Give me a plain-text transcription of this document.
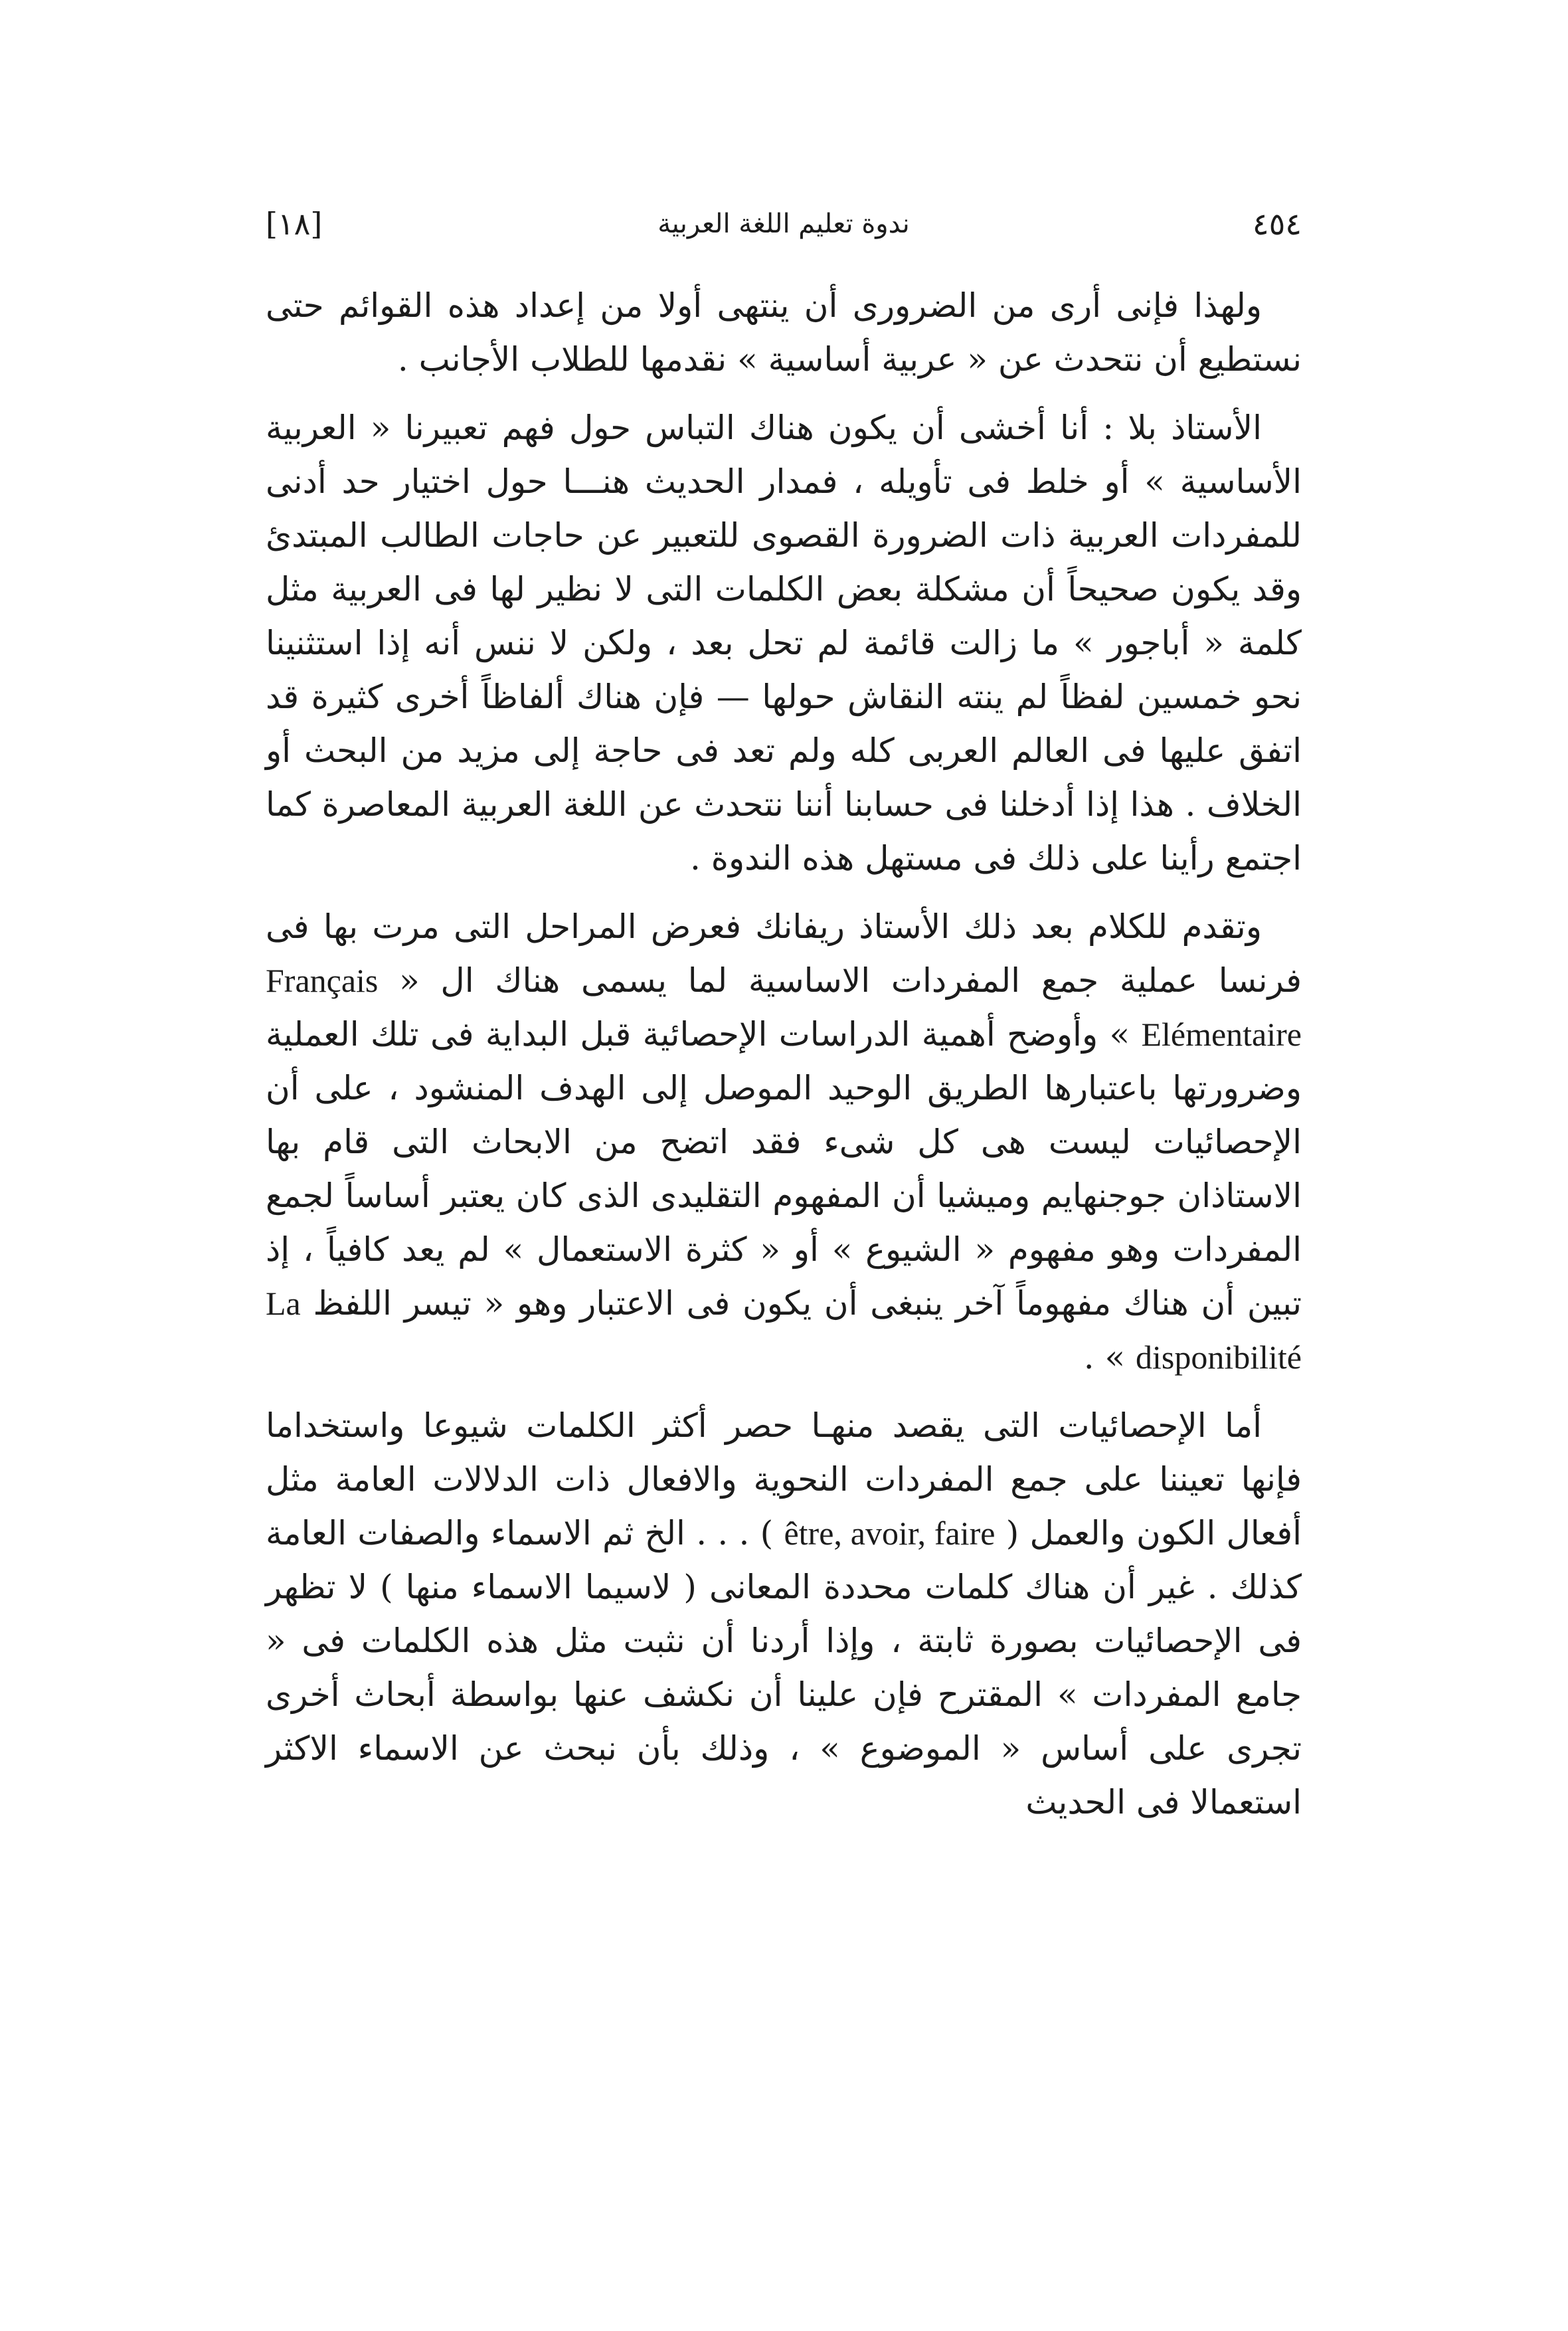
٤٥٤
ندوة تعليم اللغة العربية
[١٨]

ولهذا فإنى أرى من الضرورى أن ينتهى أولا من إعداد هذه القوائم حتى نستطيع أن نتحدث عن « عربية أساسية » نقدمها للطلاب الأجانب .

الأستاذ بلا : أنا أخشى أن يكون هناك التباس حول فهم تعبيرنا « العربية الأساسية » أو خلط فى تأويله ، فمدار الحديث هنـــا حول اختيار حد أدنى للمفردات العربية ذات الضرورة القصوى للتعبير عن حاجات الطالب المبتدئ وقد يكون صحيحاً أن مشكلة بعض الكلمات التى لا نظير لها فى العربية مثل كلمة « أباجور » ما زالت قائمة لم تحل بعد ، ولكن لا ننس أنه إذا استثنينا نحو خمسين لفظاً لم ينته النقاش حولها — فإن هناك ألفاظاً أخرى كثيرة قد اتفق عليها فى العالم العربى كله ولم تعد فى حاجة إلى مزيد من البحث أو الخلاف . هذا إذا أدخلنا فى حسابنا أننا نتحدث عن اللغة العربية المعاصرة كما اجتمع رأينا على ذلك فى مستهل هذه الندوة .

وتقدم للكلام بعد ذلك الأستاذ ريفانك فعرض المراحل التى مرت بها فى فرنسا عملية جمع المفردات الاساسية لما يسمى هناك ال « Français Elémentaire » وأوضح أهمية الدراسات الإحصائية قبل البداية فى تلك العملية وضرورتها باعتبارها الطريق الوحيد الموصل إلى الهدف المنشود ، على أن الإحصائيات ليست هى كل شىء فقد اتضح من الابحاث التى قام بها الاستاذان جوجنهايم وميشيا أن المفهوم التقليدى الذى كان يعتبر أساساً لجمع المفردات وهو مفهوم « الشيوع » أو « كثرة الاستعمال » لم يعد كافياً ، إذ تبين أن هناك مفهوماً آخر ينبغى أن يكون فى الاعتبار وهو « تيسر اللفظ La disponibilité » .

أما الإحصائيات التى يقصد منهـا حصر أكثر الكلمات شيوعا واستخداما فإنها تعيننا على جمع المفردات النحوية والافعال ذات الدلالات العامة مثل أفعال الكون والعمل ( être, avoir, faire ) . . . الخ ثم الاسماء والصفات العامة كذلك . غير أن هناك كلمات محددة المعانى ( لاسيما الاسماء منها ) لا تظهر فى الإحصائيات بصورة ثابتة ، وإذا أردنا أن نثبت مثل هذه الكلمات فى « جامع المفردات » المقترح فإن علينا أن نكشف عنها بواسطة أبحاث أخرى تجرى على أساس « الموضوع » ، وذلك بأن نبحث عن الاسماء الاكثر استعمالا فى الحديث
